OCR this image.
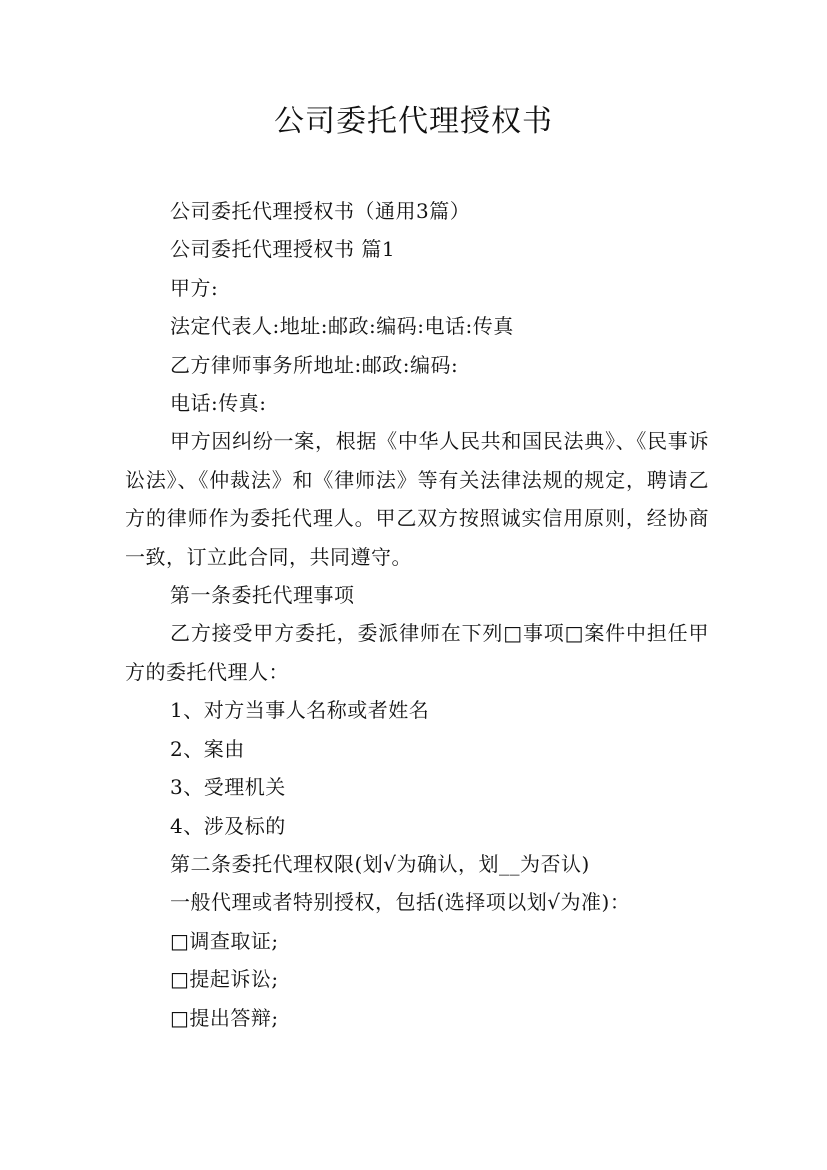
公司委托代理授权书

公司委托代理授权书（通用3篇）

公司委托代理授权书 篇1

甲方:

法定代表人:地址:邮政:编码:电话:传真

乙方律师事务所地址:邮政:编码:

电话:传真:

甲方因纠纷一案，根据《中华人民共和国民法典》、《民事诉讼法》、《仲裁法》和《律师法》等有关法律法规的规定，聘请乙方的律师作为委托代理人。甲乙双方按照诚实信用原则，经协商一致，订立此合同，共同遵守。

第一条委托代理事项

乙方接受甲方委托，委派律师在下列□事项□案件中担任甲方的委托代理人：

1、对方当事人名称或者姓名

2、案由

3、受理机关

4、涉及标的

第二条委托代理权限(划√为确认，划__为否认)

一般代理或者特别授权，包括(选择项以划√为准)：

□调查取证;

□提起诉讼;

□提出答辩;
